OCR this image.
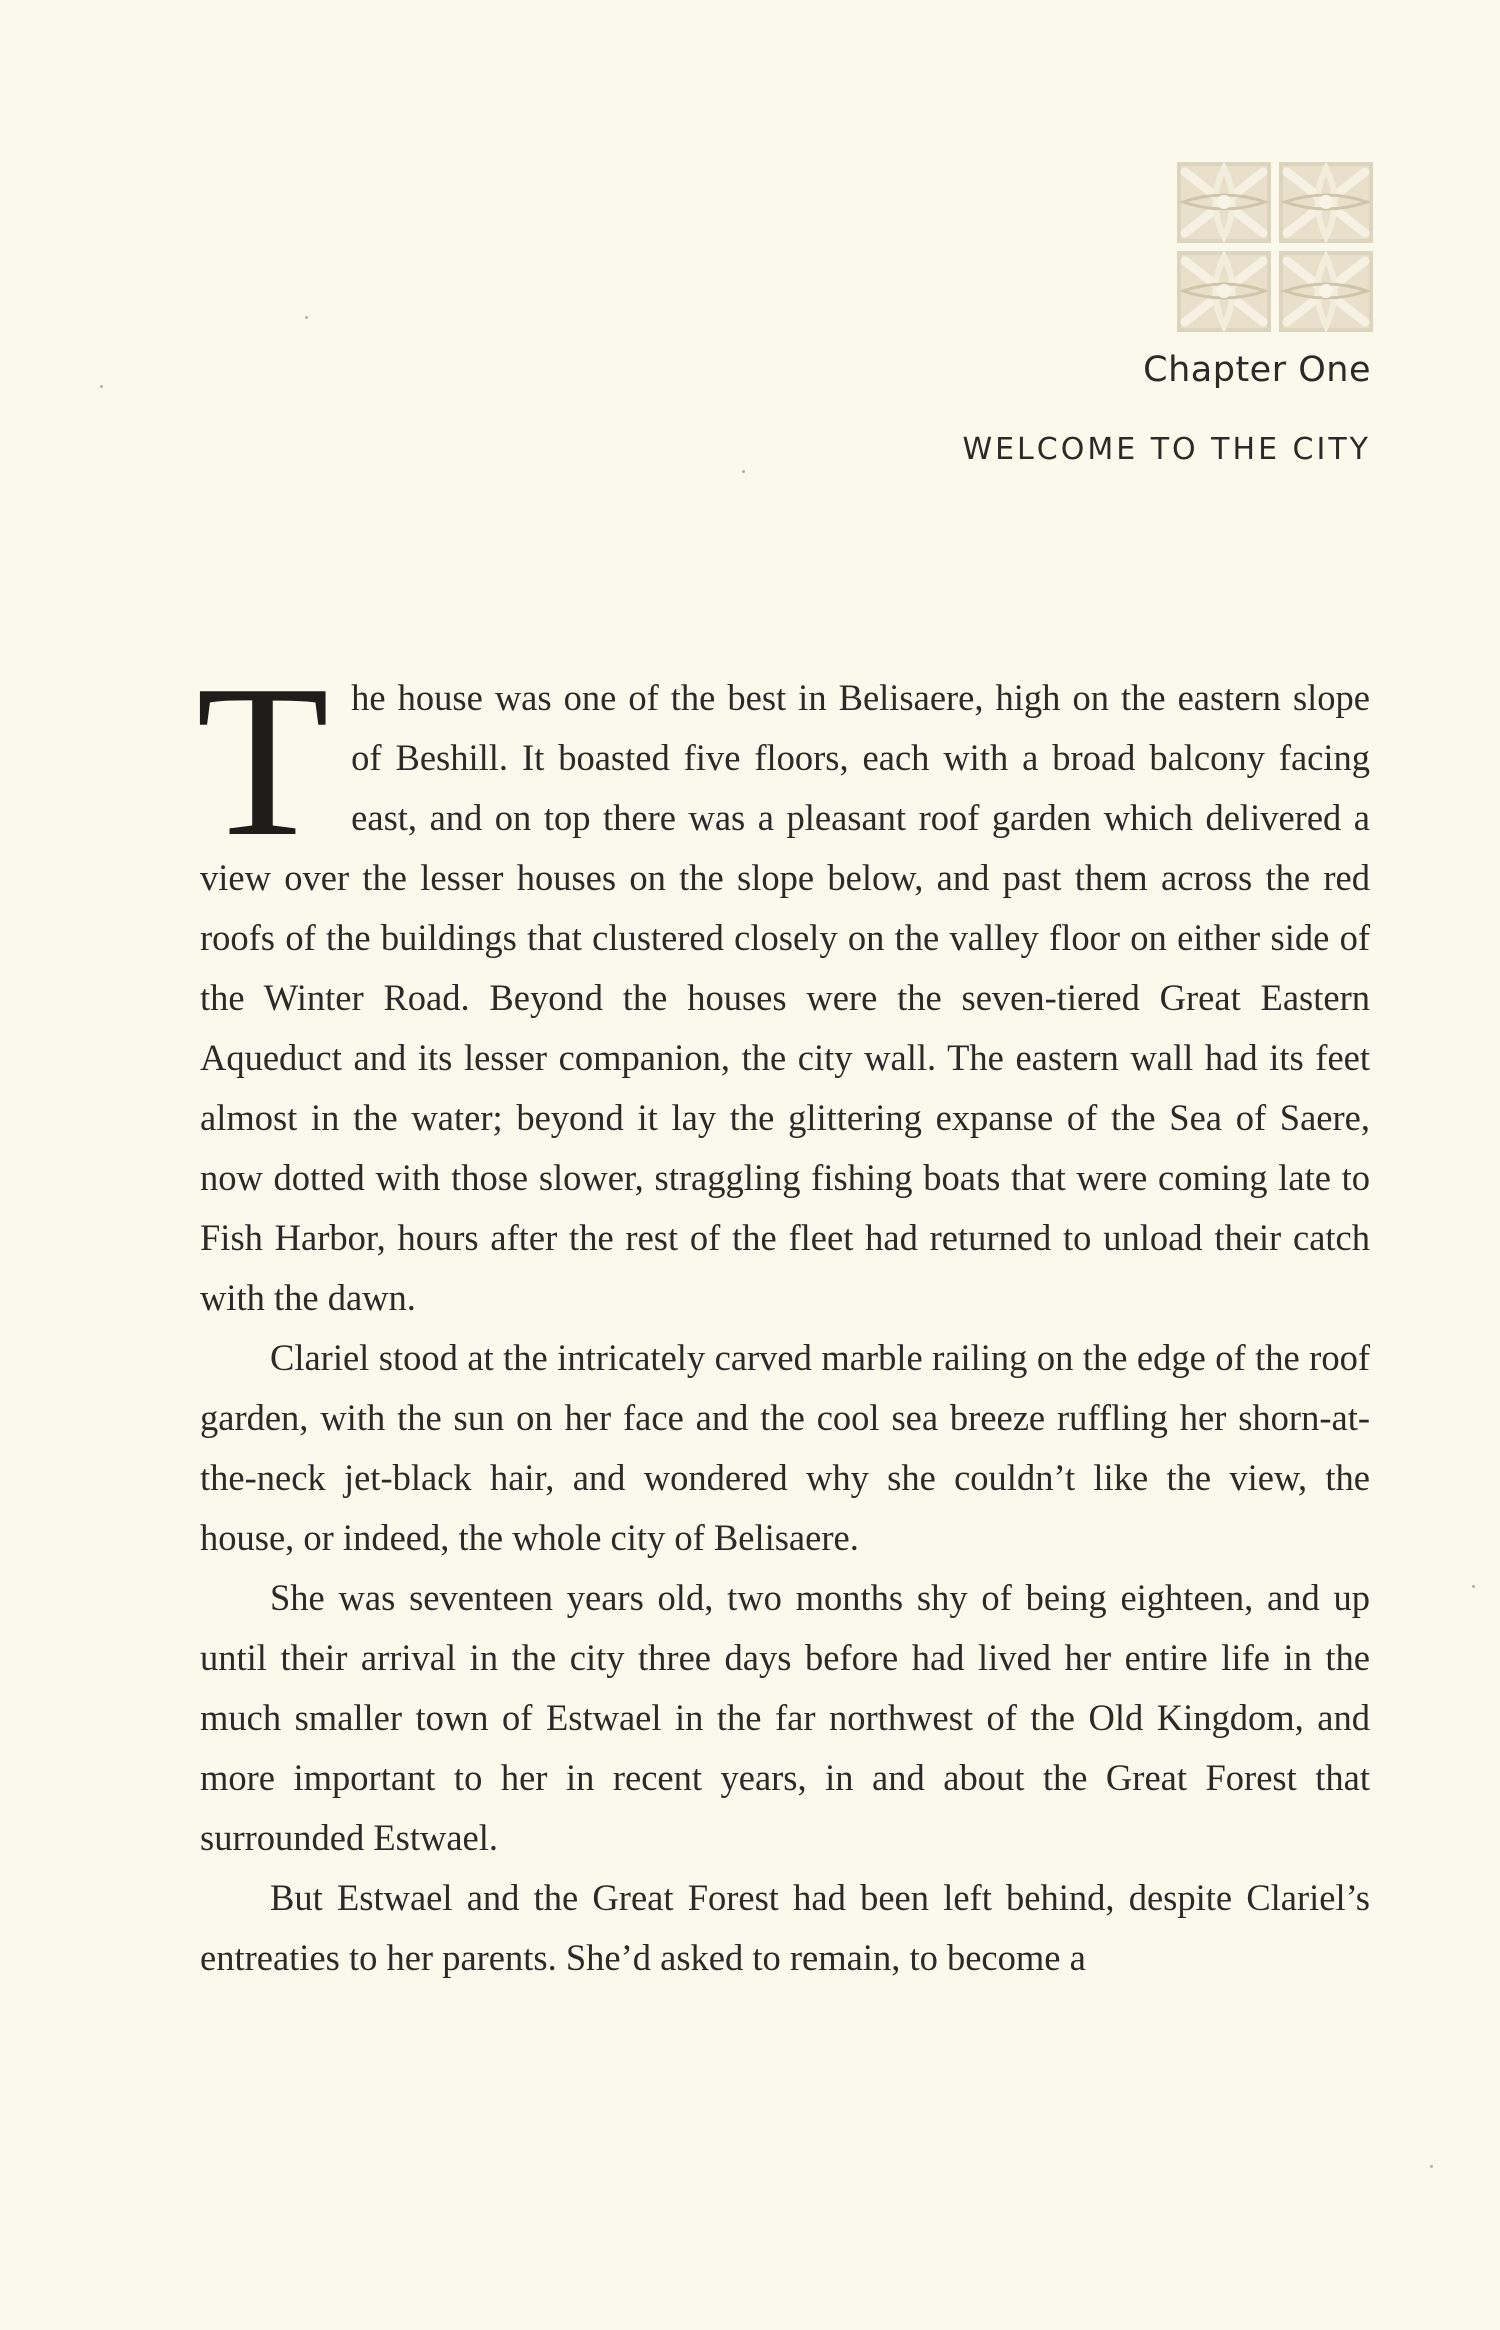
Chapter One
WELCOME TO THE CITY

The house was one of the best in Belisaere, high on the eastern slope of Beshill. It boasted five floors, each with a broad balcony facing east, and on top there was a pleasant roof garden which delivered a view over the lesser houses on the slope below, and past them across the red roofs of the buildings that clustered closely on the valley floor on either side of the Winter Road. Beyond the houses were the seven-tiered Great Eastern Aqueduct and its lesser companion, the city wall. The eastern wall had its feet almost in the water; beyond it lay the glittering expanse of the Sea of Saere, now dotted with those slower, straggling fishing boats that were coming late to Fish Harbor, hours after the rest of the fleet had returned to unload their catch with the dawn.

Clariel stood at the intricately carved marble railing on the edge of the roof garden, with the sun on her face and the cool sea breeze ruffling her shorn-at-the-neck jet-black hair, and wondered why she couldn’t like the view, the house, or indeed, the whole city of Belisaere.

She was seventeen years old, two months shy of being eighteen, and up until their arrival in the city three days before had lived her entire life in the much smaller town of Estwael in the far northwest of the Old Kingdom, and more important to her in recent years, in and about the Great Forest that surrounded Estwael.

But Estwael and the Great Forest had been left behind, despite Clariel’s entreaties to her parents. She’d asked to remain, to become a
